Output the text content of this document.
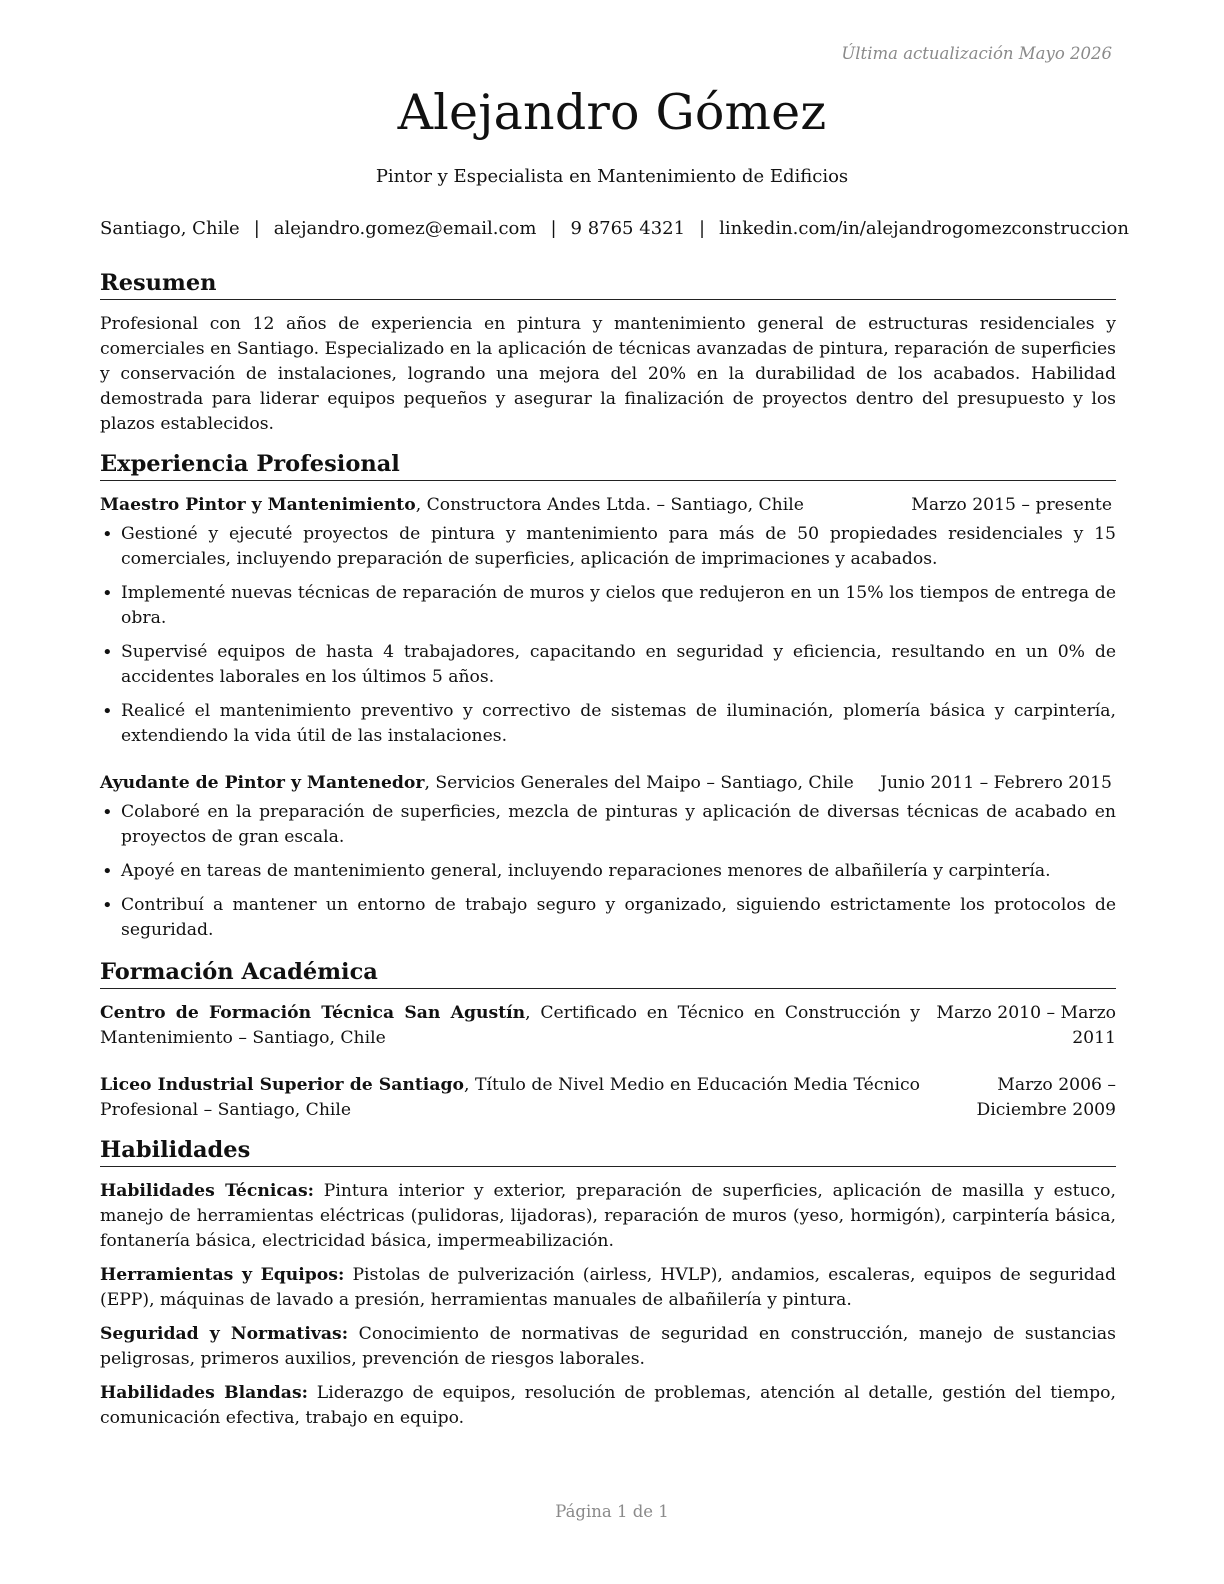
Última actualización Mayo 2026
Alejandro Gómez
Pintor y Especialista en Mantenimiento de Edificios
Santiago, Chile | alejandro.gomez@email.com | 9 8765 4321 | linkedin.com/in/alejandrogomezconstruccion
Resumen

Profesional con 12 años de experiencia en pintura y mantenimiento general de estructuras residenciales y comerciales en Santiago. Especializado en la aplicación de técnicas avanzadas de pintura, reparación de superficies y conservación de instalaciones, logrando una mejora del 20% en la durabilidad de los acabados. Habilidad demostrada para liderar equipos pequeños y asegurar la finalización de proyectos dentro del presupuesto y los plazos establecidos.

Experiencia Profesional
Maestro Pintor y Mantenimiento, Constructora Andes Ltda. – Santiago, Chile	Marzo 2015 – presente
• Gestioné y ejecuté proyectos de pintura y mantenimiento para más de 50 propiedades residenciales y 15 comerciales, incluyendo preparación de superficies, aplicación de imprimaciones y acabados.
• Implementé nuevas técnicas de reparación de muros y cielos que redujeron en un 15% los tiempos de entrega de obra.
• Supervisé equipos de hasta 4 trabajadores, capacitando en seguridad y eficiencia, resultando en un 0% de accidentes laborales en los últimos 5 años.
• Realicé el mantenimiento preventivo y correctivo de sistemas de iluminación, plomería básica y carpintería, extendiendo la vida útil de las instalaciones.
Ayudante de Pintor y Mantenedor, Servicios Generales del Maipo – Santiago, Chile Junio 2011 – Febrero 2015
• Colaboré en la preparación de superficies, mezcla de pinturas y aplicación de diversas técnicas de acabado en proyectos de gran escala.
• Apoyé en tareas de mantenimiento general, incluyendo reparaciones menores de albañilería y carpintería.
• Contribuí a mantener un entorno de trabajo seguro y organizado, siguiendo estrictamente los protocolos de seguridad.
Formación Académica
Centro de Formación Técnica San Agustín, Certificado en Técnico en Construcción y Mantenimiento – Santiago, Chile
Marzo 2010 – Marzo 2011
Liceo Industrial Superior de Santiago, Título de Nivel Medio en Educación Media Técnico Profesional – Santiago, Chile
Marzo 2006 – Diciembre 2009
Habilidades

Habilidades Técnicas: Pintura interior y exterior, preparación de superficies, aplicación de masilla y estuco, manejo de herramientas eléctricas (pulidoras, lijadoras), reparación de muros (yeso, hormigón), carpintería básica, fontanería básica, electricidad básica, impermeabilización.

Herramientas y Equipos: Pistolas de pulverización (airless, HVLP), andamios, escaleras, equipos de seguridad (EPP), máquinas de lavado a presión, herramientas manuales de albañilería y pintura.

Seguridad y Normativas: Conocimiento de normativas de seguridad en construcción, manejo de sustancias peligrosas, primeros auxilios, prevención de riesgos laborales.

Habilidades Blandas: Liderazgo de equipos, resolución de problemas, atención al detalle, gestión del tiempo, comunicación efectiva, trabajo en equipo.

Página 1 de 1
